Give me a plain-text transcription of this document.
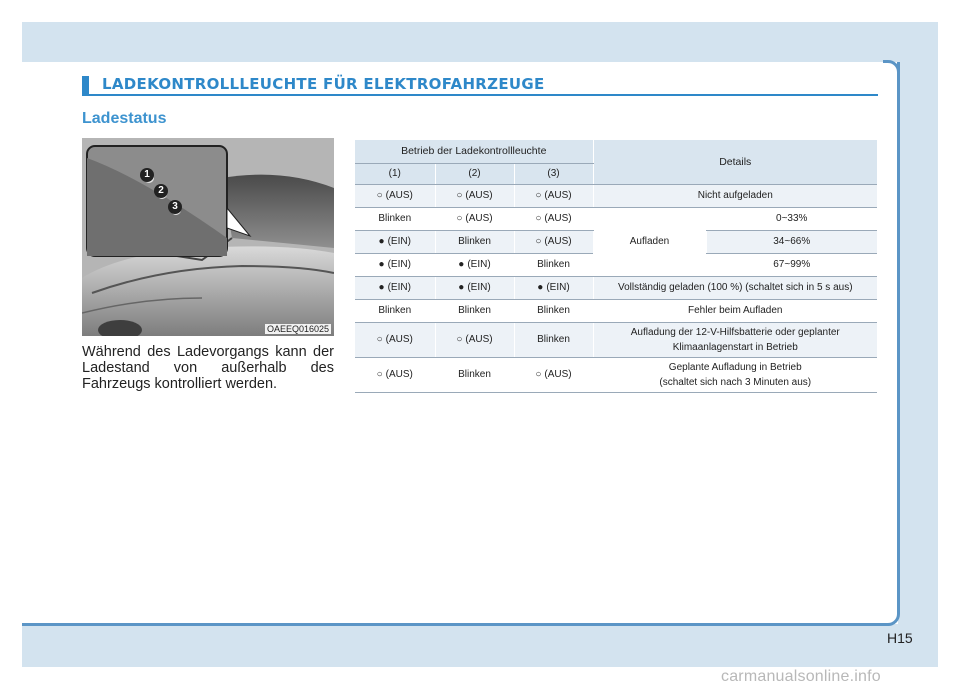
LADEKONTROLLLEUCHTE FÜR ELEKTROFAHRZEUGE
Ladestatus
1
2
3
OAEEQ016025
Während des Ladevorgangs kann der Ladestand von außerhalb des Fahrzeugs kontrolliert werden.
Betrieb der Ladekontrollleuchte			Details	
(1)	(2)	(3)		
○ (AUS)	○ (AUS)	○ (AUS)	Nicht aufgeladen	
Blinken	○ (AUS)	○ (AUS)	Aufladen	0~33%
● (EIN)	Blinken	○ (AUS)		34~66%
● (EIN)	● (EIN)	Blinken		67~99%
● (EIN)	● (EIN)	● (EIN)	Vollständig geladen (100 %) (schaltet sich in 5 s aus)	
Blinken	Blinken	Blinken	Fehler beim Aufladen	
○ (AUS)	○ (AUS)	Blinken	Aufladung der 12-V-Hilfsbatterie oder geplanter
Klimaanlagenstart in Betrieb	

○ (AUS)	Blinken	○ (AUS)	Geplante Aufladung in Betrieb
(schaltet sich nach 3 Minuten aus)	
H15
carmanualsonline.info
